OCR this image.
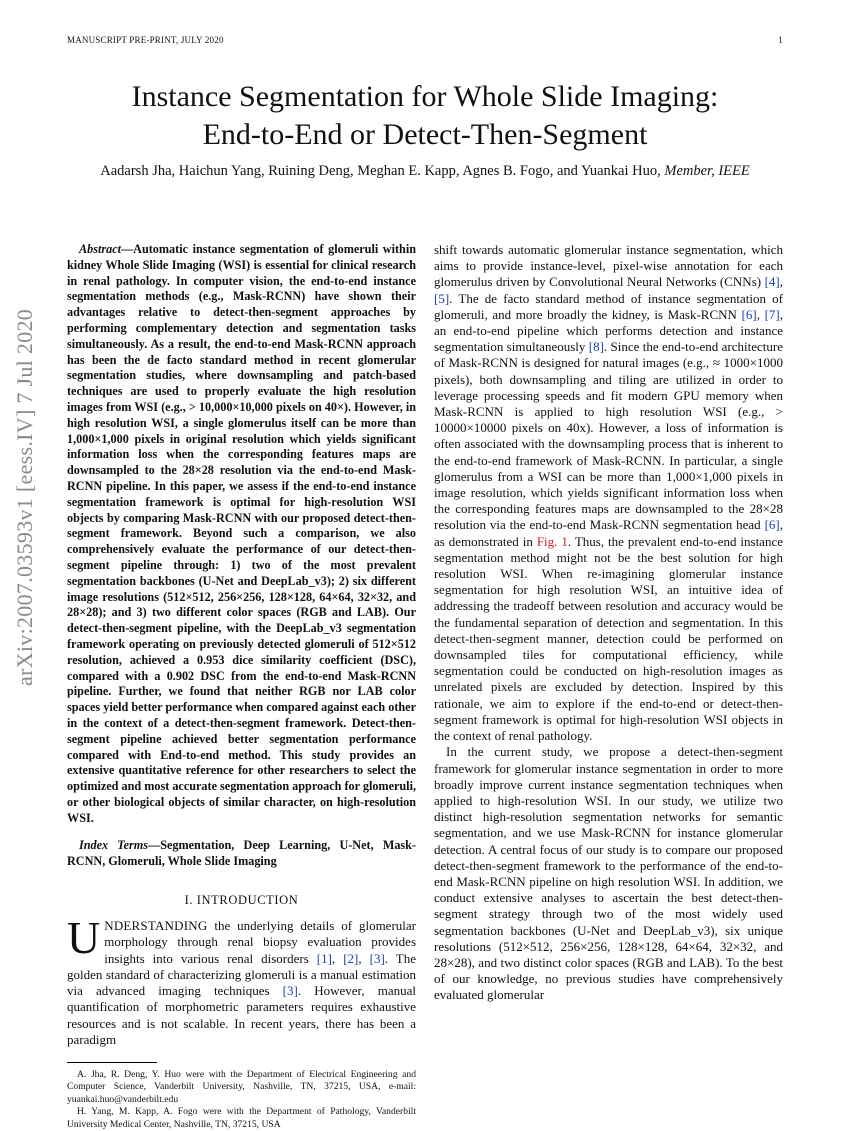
MANUSCRIPT PRE-PRINT, JULY 2020	1
arXiv:2007.03593v1 [eess.IV] 7 Jul 2020
Instance Segmentation for Whole Slide Imaging:
End-to-End or Detect-Then-Segment
Aadarsh Jha, Haichun Yang, Ruining Deng, Meghan E. Kapp, Agnes B. Fogo, and Yuankai Huo, Member, IEEE

Abstract—Automatic instance segmentation of glomeruli within kidney Whole Slide Imaging (WSI) is essential for clinical research in renal pathology. In computer vision, the end-to-end instance segmentation methods (e.g., Mask-RCNN) have shown their advantages relative to detect-then-segment approaches by performing complementary detection and segmentation tasks simultaneously. As a result, the end-to-end Mask-RCNN approach has been the de facto standard method in recent glomerular segmentation studies, where downsampling and patch-based techniques are used to properly evaluate the high resolution images from WSI (e.g., > 10,000×10,000 pixels on 40×). However, in high resolution WSI, a single glomerulus itself can be more than 1,000×1,000 pixels in original resolution which yields significant information loss when the corresponding features maps are downsampled to the 28×28 resolution via the end-to-end Mask-RCNN pipeline. In this paper, we assess if the end-to-end instance segmentation framework is optimal for high-resolution WSI objects by comparing Mask-RCNN with our proposed detect-then-segment framework. Beyond such a comparison, we also comprehensively evaluate the performance of our detect-then-segment pipeline through: 1) two of the most prevalent segmentation backbones (U-Net and DeepLab_v3); 2) six different image resolutions (512×512, 256×256, 128×128, 64×64, 32×32, and 28×28); and 3) two different color spaces (RGB and LAB). Our detect-then-segment pipeline, with the DeepLab_v3 segmentation framework operating on previously detected glomeruli of 512×512 resolution, achieved a 0.953 dice similarity coefficient (DSC), compared with a 0.902 DSC from the end-to-end Mask-RCNN pipeline. Further, we found that neither RGB nor LAB color spaces yield better performance when compared against each other in the context of a detect-then-segment framework. Detect-then-segment pipeline achieved better segmentation performance compared with End-to-end method. This study provides an extensive quantitative reference for other researchers to select the optimized and most accurate segmentation approach for glomeruli, or other biological objects of similar character, on high-resolution WSI.

Index Terms—Segmentation, Deep Learning, U-Net, Mask-RCNN, Glomeruli, Whole Slide Imaging

I. INTRODUCTION

UNDERSTANDING the underlying details of glomerular morphology through renal biopsy evaluation provides insights into various renal disorders [1], [2], [3]. The golden standard of characterizing glomeruli is a manual estimation via advanced imaging techniques [3]. However, manual quantification of morphometric parameters requires exhaustive resources and is not scalable. In recent years, there has been a paradigm

A. Jha, R. Deng, Y. Huo were with the Department of Electrical Engineering and Computer Science, Vanderbilt University, Nashville, TN, 37215, USA, e-mail: yuankai.huo@vanderbilt.edu

H. Yang, M. Kapp, A. Fogo were with the Department of Pathology, Vanderbilt University Medical Center, Nashville, TN, 37215, USA

shift towards automatic glomerular instance segmentation, which aims to provide instance-level, pixel-wise annotation for each glomerulus driven by Convolutional Neural Networks (CNNs) [4], [5]. The de facto standard method of instance segmentation of glomeruli, and more broadly the kidney, is Mask-RCNN [6], [7], an end-to-end pipeline which performs detection and instance segmentation simultaneously [8]. Since the end-to-end architecture of Mask-RCNN is designed for natural images (e.g., ≈ 1000×1000 pixels), both downsampling and tiling are utilized in order to leverage processing speeds and fit modern GPU memory when Mask-RCNN is applied to high resolution WSI (e.g., > 10000×10000 pixels on 40x). However, a loss of information is often associated with the downsampling process that is inherent to the end-to-end framework of Mask-RCNN. In particular, a single glomerulus from a WSI can be more than 1,000×1,000 pixels in image resolution, which yields significant information loss when the corresponding features maps are downsampled to the 28×28 resolution via the end-to-end Mask-RCNN segmentation head [6], as demonstrated in Fig. 1. Thus, the prevalent end-to-end instance segmentation method might not be the best solution for high resolution WSI. When re-imagining glomerular instance segmentation for high resolution WSI, an intuitive idea of addressing the tradeoff between resolution and accuracy would be the fundamental separation of detection and segmentation. In this detect-then-segment manner, detection could be performed on downsampled tiles for computational efficiency, while segmentation could be conducted on high-resolution images as unrelated pixels are excluded by detection. Inspired by this rationale, we aim to explore if the end-to-end or detect-then-segment framework is optimal for high-resolution WSI objects in the context of renal pathology.

In the current study, we propose a detect-then-segment framework for glomerular instance segmentation in order to more broadly improve current instance segmentation techniques when applied to high-resolution WSI. In our study, we utilize two distinct high-resolution segmentation networks for semantic segmentation, and we use Mask-RCNN for instance glomerular detection. A central focus of our study is to compare our proposed detect-then-segment framework to the performance of the end-to-end Mask-RCNN pipeline on high resolution WSI. In addition, we conduct extensive analyses to ascertain the best detect-then-segment strategy through two of the most widely used segmentation backbones (U-Net and DeepLab_v3), six unique resolutions (512×512, 256×256, 128×128, 64×64, 32×32, and 28×28), and two distinct color spaces (RGB and LAB). To the best of our knowledge, no previous studies have comprehensively evaluated glomerular
